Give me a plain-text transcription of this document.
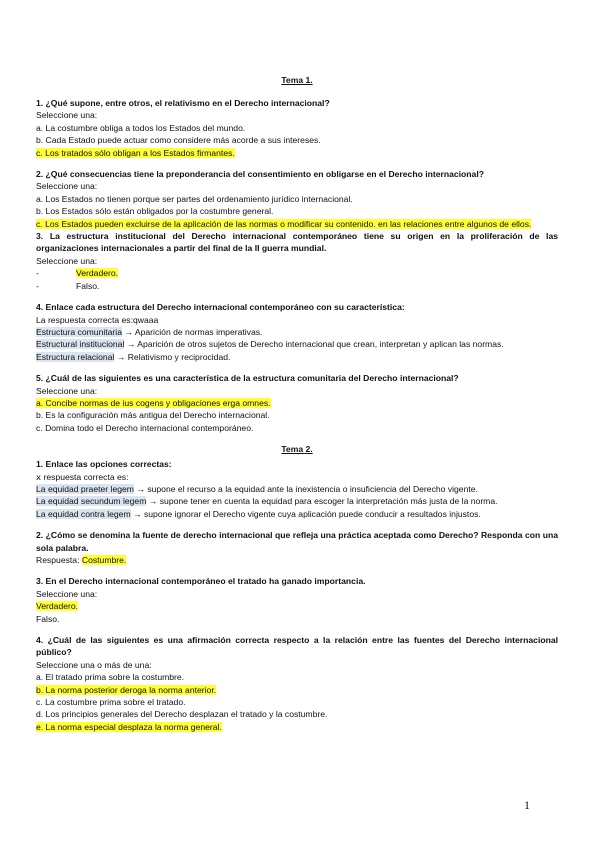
Tema 1.
1. ¿Qué supone, entre otros, el relativismo en el Derecho internacional?
Seleccione una:
a. La costumbre obliga a todos los Estados del mundo.
b. Cada Estado puede actuar como considere más acorde a sus intereses.
c. Los tratados sólo obligan a los Estados firmantes.
2. ¿Qué consecuencias tiene la preponderancia del consentimiento en obligarse en el Derecho internacional?
Seleccione una:
a. Los Estados no tienen porque ser partes del ordenamiento jurídico internacional.
b. Los Estados sólo están obligados por la costumbre general.
c. Los Estados pueden excluirse de la aplicación de las normas o modificar su contenido. en las relaciones entre algunos de ellos.
3. La estructura institucional del Derecho internacional contemporáneo tiene su origen en la proliferación de las organizaciones internacionales a partir del final de la II guerra mundial.
Seleccione una:
-	Verdadero.
-	Falso.
4. Enlace cada estructura del Derecho internacional contemporáneo con su característica:
La respuesta correcta es:qwaaa
Estructura comunitaria → Aparición de normas imperativas.
Estructural institucional → Aparición de otros sujetos de Derecho internacional que crean, interpretan y aplican las normas.
Estructura relacional → Relativismo y reciprocidad.
5. ¿Cuál de las siguientes es una característica de la estructura comunitaria del Derecho internacional?
Seleccione una:
a. Concibe normas de ius cogens y obligaciones erga omnes.
b. Es la configuración más antigua del Derecho internacional.
c. Domina todo el Derecho internacional contemporáneo.
Tema 2.
1. Enlace las opciones correctas:
ⅹ respuesta correcta es:
La equidad praeter legem → supone el recurso a la equidad ante la inexistencia o insuficiencia del Derecho vigente.
La equidad secundum legem → supone tener en cuenta la equidad para escoger la interpretación más justa de la norma.
La equidad contra legem → supone ignorar el Derecho vigente cuya aplicación puede conducir a resultados injustos.
2. ¿Cómo se denomina la fuente de derecho internacional que refleja una práctica aceptada como Derecho? Responda con una sola palabra.
Respuesta: Costumbre.
3. En el Derecho internacional contemporáneo el tratado ha ganado importancia.
Seleccione una:
Verdadero.
Falso.
4. ¿Cuál de las siguientes es una afirmación correcta respecto a la relación entre las fuentes del Derecho internacional público?
Seleccione una o más de una:
a. El tratado prima sobre la costumbre.
b. La norma posterior deroga la norma anterior.
c. La costumbre prima sobre el tratado.
d. Los principios generales del Derecho desplazan el tratado y la costumbre.
e. La norma especial desplaza la norma general.
1
